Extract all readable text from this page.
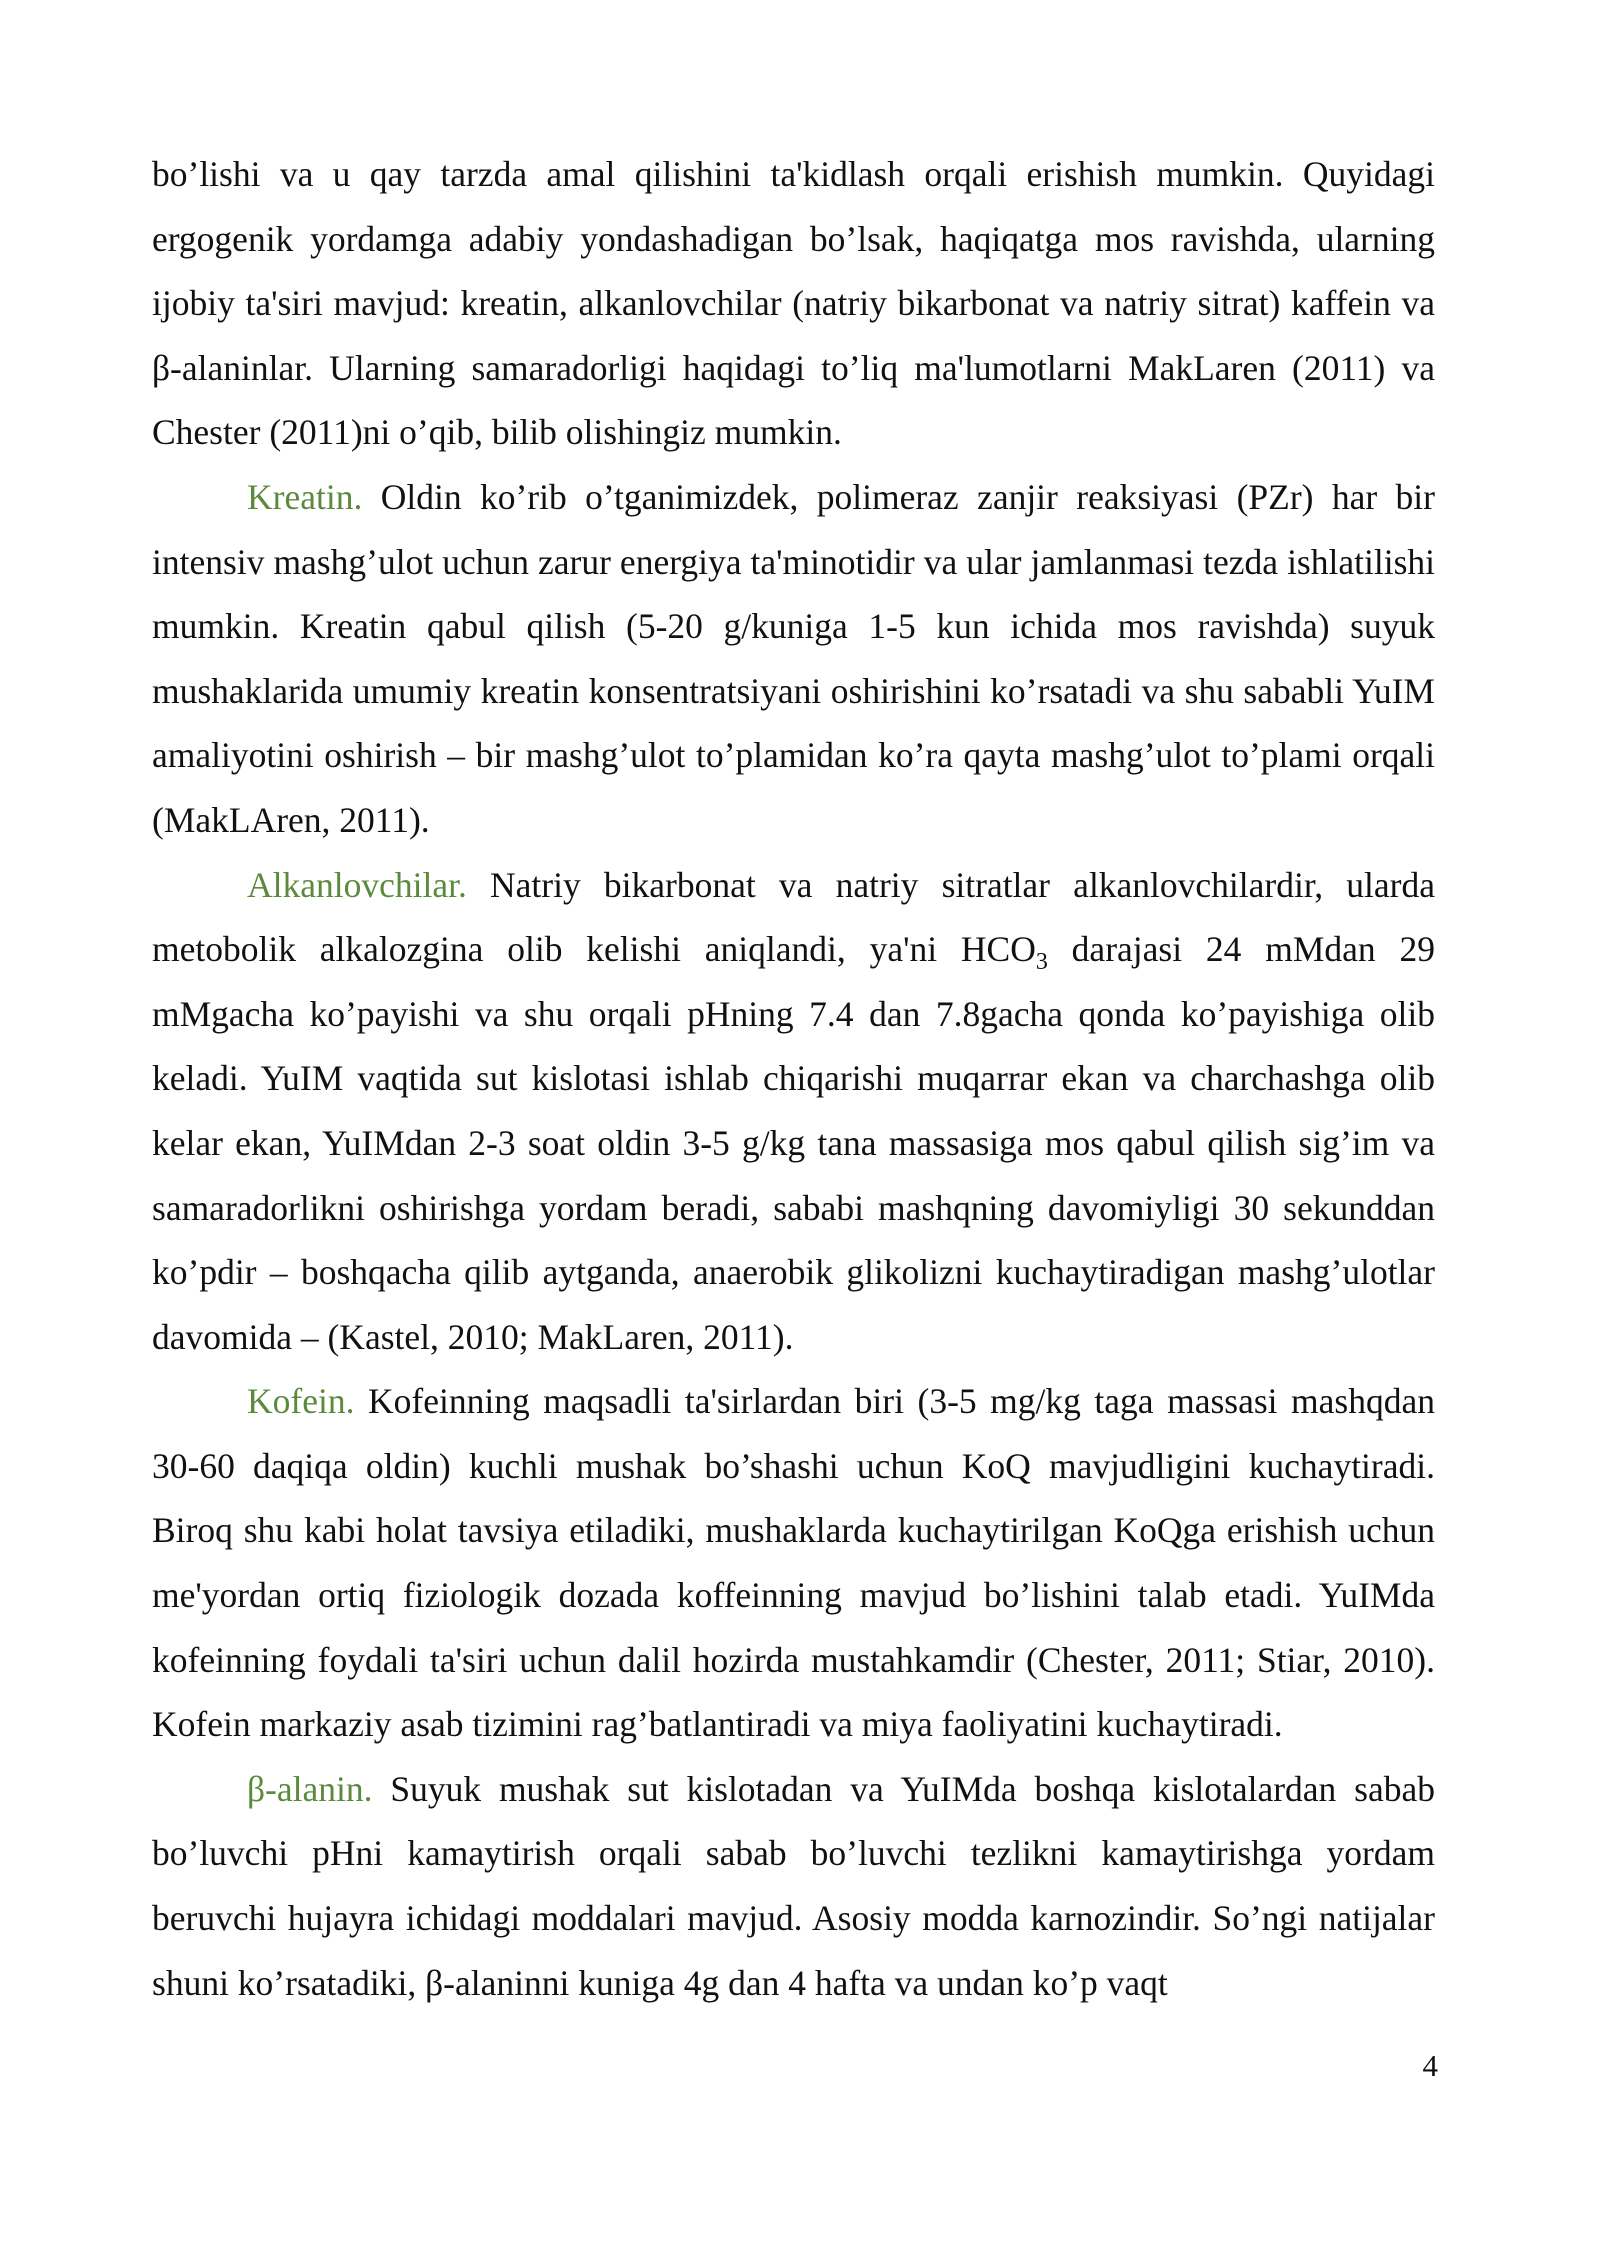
bo’lishi va u qay tarzda amal qilishini ta'kidlash orqali erishish mumkin. Quyidagi ergogenik yordamga adabiy yondashadigan bo’lsak, haqiqatga mos ravishda, ularning ijobiy ta'siri mavjud: kreatin, alkanlovchilar (natriy bikarbonat va natriy sitrat) kaffein va β-alaninlar. Ularning samaradorligi haqidagi to’liq ma'lumotlarni MakLaren (2011) va Chester (2011)ni o’qib, bilib olishingiz mumkin.

Kreatin. Oldin ko’rib o’tganimizdek, polimeraz zanjir reaksiyasi (PZr) har bir intensiv mashg’ulot uchun zarur energiya ta'minotidir va ular jamlanmasi tezda ishlatilishi mumkin. Kreatin qabul qilish (5-20 g/kuniga 1-5 kun ichida mos ravishda) suyuk mushaklarida umumiy kreatin konsentratsiyani oshirishini ko’rsatadi va shu sababli YuIM amaliyotini oshirish – bir mashg’ulot to’plamidan ko’ra qayta mashg’ulot to’plami orqali (MakLAren, 2011).

Alkanlovchilar. Natriy bikarbonat va natriy sitratlar alkanlovchilardir, ularda metobolik alkalozgina olib kelishi aniqlandi, ya'ni $HCO_3$ darajasi 24 mMdan 29 mMgacha ko’payishi va shu orqali pHning 7.4 dan 7.8gacha qonda ko’payishiga olib keladi. YuIM vaqtida sut kislotasi ishlab chiqarishi muqarrar ekan va charchashga olib kelar ekan, YuIMdan 2-3 soat oldin 3-5 g/kg tana massasiga mos qabul qilish sig’im va samaradorlikni oshirishga yordam beradi, sababi mashqning davomiyligi 30 sekunddan ko’pdir – boshqacha qilib aytganda, anaerobik glikolizni kuchaytiradigan mashg’ulotlar davomida – (Kastel, 2010; MakLaren, 2011).

Kofein. Kofeinning maqsadli ta'sirlardan biri (3-5 mg/kg taga massasi mashqdan 30-60 daqiqa oldin) kuchli mushak bo’shashi uchun KoQ mavjudligini kuchaytiradi. Biroq shu kabi holat tavsiya etiladiki, mushaklarda kuchaytirilgan KoQga erishish uchun me'yordan ortiq fiziologik dozada koffeinning mavjud bo’lishini talab etadi. YuIMda kofeinning foydali ta'siri uchun dalil hozirda mustahkamdir (Chester, 2011; Stiar, 2010). Kofein markaziy asab tizimini rag’batlantiradi va miya faoliyatini kuchaytiradi.

β-alanin. Suyuk mushak sut kislotadan va YuIMda boshqa kislotalardan sabab bo’luvchi pHni kamaytirish orqali sabab bo’luvchi tezlikni kamaytirishga yordam beruvchi hujayra ichidagi moddalari mavjud. Asosiy modda karnozindir. So’ngi natijalar shuni ko’rsatadiki, β-alaninni kuniga 4g dan 4 hafta va undan ko’p vaqt

4
